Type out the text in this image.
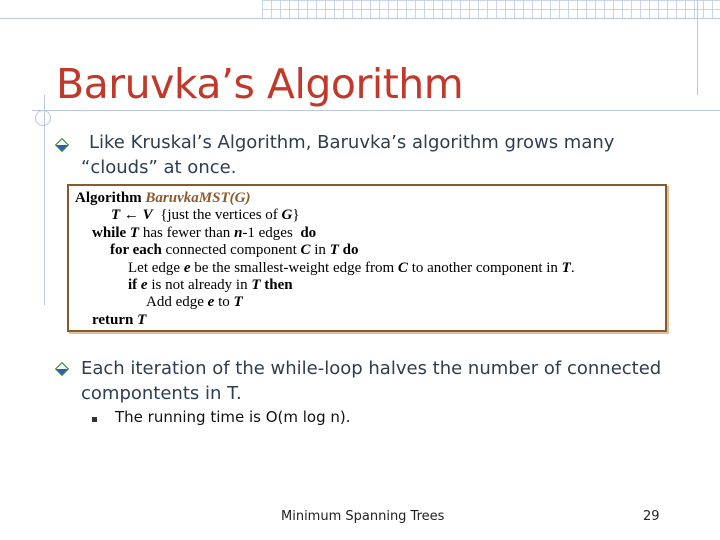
Baruvka’s Algorithm
Like Kruskal’s Algorithm, Baruvka’s algorithm grows many
“clouds” at once.
Algorithm BaruvkaMST(G)
T ← V {just the vertices of G}
while T has fewer than n-1 edges do
for each connected component C in T do
Let edge e be the smallest-weight edge from C to another component in T.
if e is not already in T then
Add edge e to T
return T
Each iteration of the while-loop halves the number of connected
compontents in T.
The running time is O(m log n).
Minimum Spanning Trees	29
